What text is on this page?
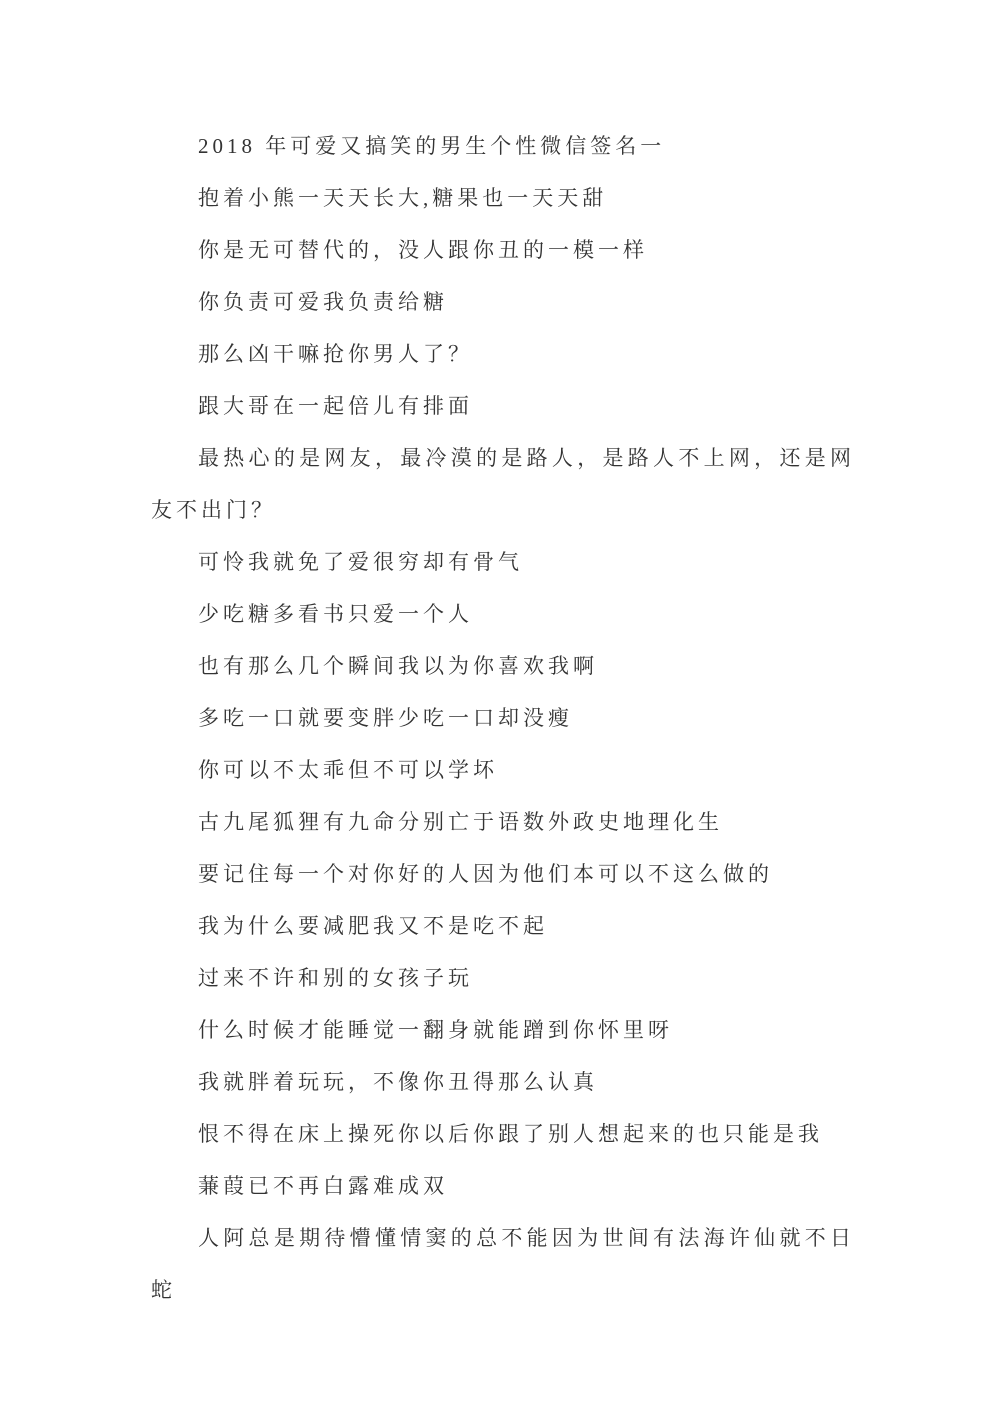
2018 年可爱又搞笑的男生个性微信签名一

抱着小熊一天天长大,糖果也一天天甜

你是无可替代的，没人跟你丑的一模一样

你负责可爱我负责给糖

那么凶干嘛抢你男人了？

跟大哥在一起倍儿有排面

最热心的是网友，最冷漠的是路人，是路人不上网，还是网友不出门？

可怜我就免了爱很穷却有骨气

少吃糖多看书只爱一个人

也有那么几个瞬间我以为你喜欢我啊

多吃一口就要变胖少吃一口却没瘦

你可以不太乖但不可以学坏

古九尾狐狸有九命分别亡于语数外政史地理化生

要记住每一个对你好的人因为他们本可以不这么做的

我为什么要减肥我又不是吃不起

过来不许和别的女孩子玩

什么时候才能睡觉一翻身就能蹭到你怀里呀

我就胖着玩玩，不像你丑得那么认真

恨不得在床上操死你以后你跟了别人想起来的也只能是我

蒹葭已不再白露难成双

人阿总是期待懵懂情窦的总不能因为世间有法海许仙就不日蛇
